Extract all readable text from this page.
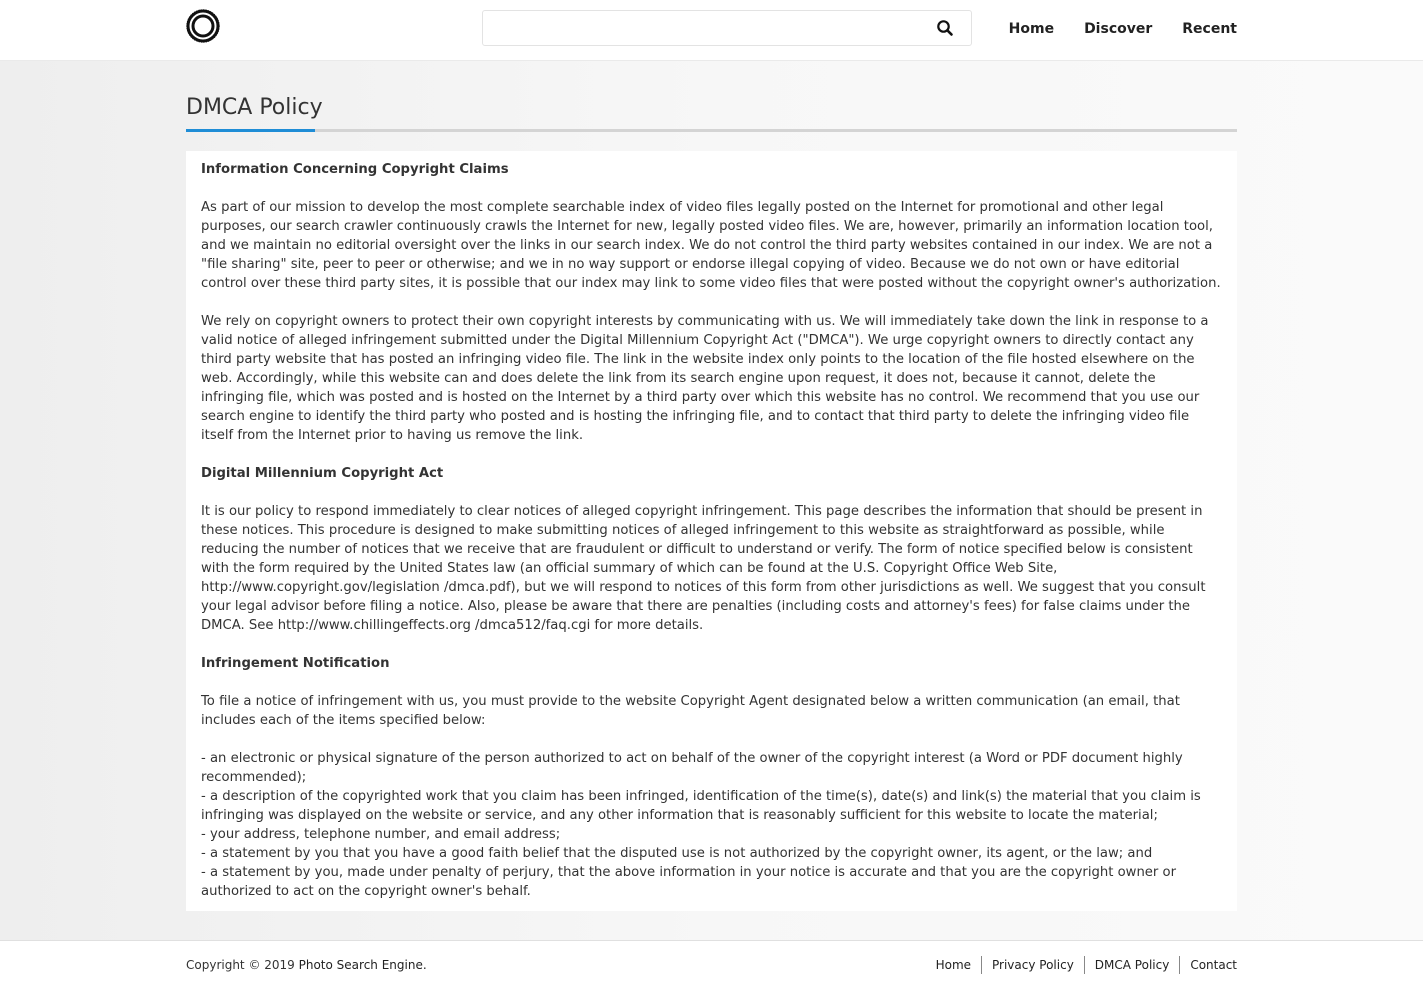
Home Discover Recent
DMCA Policy
Information Concerning Copyright Claims

As part of our mission to develop the most complete searchable index of video files legally posted on the Internet for promotional and other legal purposes, our search crawler continuously crawls the Internet for new, legally posted video files. We are, however, primarily an information location tool, and we maintain no editorial oversight over the links in our search index. We do not control the third party websites contained in our index. We are not a "file sharing" site, peer to peer or otherwise; and we in no way support or endorse illegal copying of video. Because we do not own or have editorial control over these third party sites, it is possible that our index may link to some video files that were posted without the copyright owner's authorization.

We rely on copyright owners to protect their own copyright interests by communicating with us. We will immediately take down the link in response to a valid notice of alleged infringement submitted under the Digital Millennium Copyright Act ("DMCA"). We urge copyright owners to directly contact any third party website that has posted an infringing video file. The link in the website index only points to the location of the file hosted elsewhere on the web. Accordingly, while this website can and does delete the link from its search engine upon request, it does not, because it cannot, delete the infringing file, which was posted and is hosted on the Internet by a third party over which this website has no control. We recommend that you use our search engine to identify the third party who posted and is hosting the infringing file, and to contact that third party to delete the infringing video file itself from the Internet prior to having us remove the link.

Digital Millennium Copyright Act

It is our policy to respond immediately to clear notices of alleged copyright infringement. This page describes the information that should be present in these notices. This procedure is designed to make submitting notices of alleged infringement to this website as straightforward as possible, while reducing the number of notices that we receive that are fraudulent or difficult to understand or verify. The form of notice specified below is consistent with the form required by the United States law (an official summary of which can be found at the U.S. Copyright Office Web Site, http://www.copyright.gov/legislation /dmca.pdf), but we will respond to notices of this form from other jurisdictions as well. We suggest that you consult your legal advisor before filing a notice. Also, please be aware that there are penalties (including costs and attorney's fees) for false claims under the DMCA. See http://www.chillingeffects.org /dmca512/faq.cgi for more details.

Infringement Notification

To file a notice of infringement with us, you must provide to the website Copyright Agent designated below a written communication (an email, that includes each of the items specified below:

- an electronic or physical signature of the person authorized to act on behalf of the owner of the copyright interest (a Word or PDF document highly recommended);

- a description of the copyrighted work that you claim has been infringed, identification of the time(s), date(s) and link(s) the material that you claim is infringing was displayed on the website or service, and any other information that is reasonably sufficient for this website to locate the material;

- your address, telephone number, and email address;

- a statement by you that you have a good faith belief that the disputed use is not authorized by the copyright owner, its agent, or the law; and

- a statement by you, made under penalty of perjury, that the above information in your notice is accurate and that you are the copyright owner or authorized to act on the copyright owner's behalf.

Copyright © 2019 Photo Search Engine.	Home	Privacy Policy	DMCA Policy	Contact
